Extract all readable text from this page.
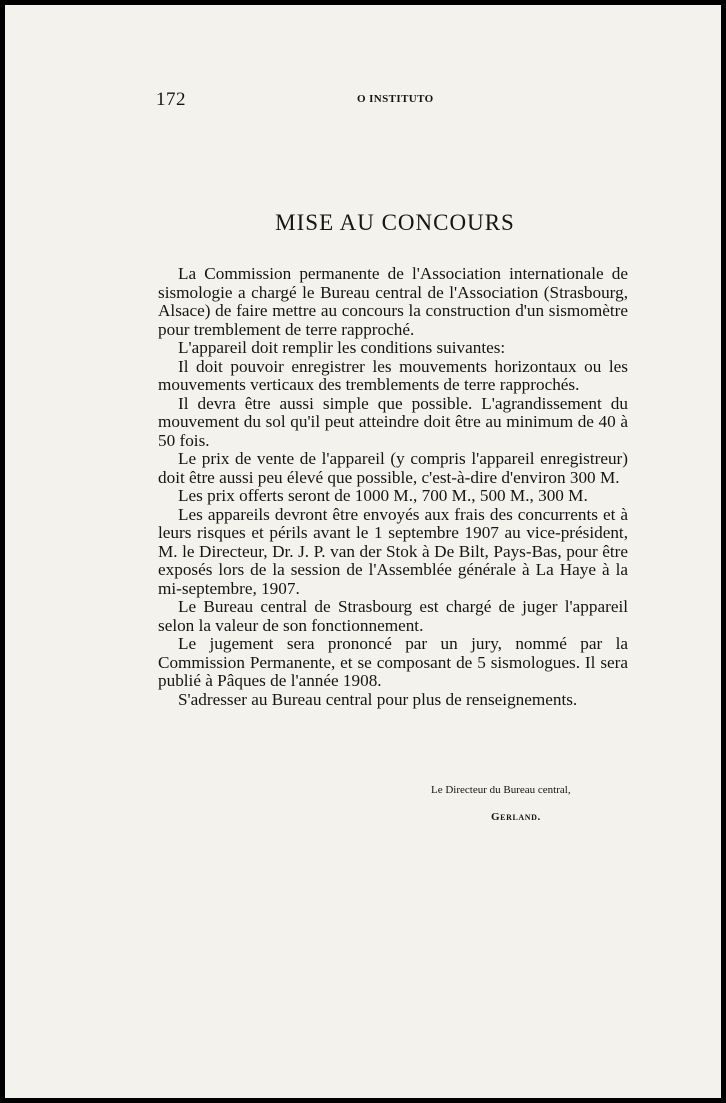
172	O INSTITUTO
MISE AU CONCOURS

La Commission permanente de l'Association internationale de sismologie a chargé le Bureau central de l'Association (Strasbourg, Alsace) de faire mettre au concours la construction d'un sismomètre pour tremblement de terre rapproché.

L'appareil doit remplir les conditions suivantes:

Il doit pouvoir enregistrer les mouvements horizontaux ou les mouvements verticaux des tremblements de terre rapprochés.

Il devra être aussi simple que possible. L'agrandissement du mouvement du sol qu'il peut atteindre doit être au minimum de 40 à 50 fois.

Le prix de vente de l'appareil (y compris l'appareil enregistreur) doit être aussi peu élevé que possible, c'est-à-dire d'environ 300 M.

Les prix offerts seront de 1000 M., 700 M., 500 M., 300 M.

Les appareils devront être envoyés aux frais des concurrents et à leurs risques et périls avant le 1 septembre 1907 au vice-président, M. le Directeur, Dr. J. P. van der Stok à De Bilt, Pays-Bas, pour être exposés lors de la session de l'Assemblée générale à La Haye à la mi-septembre, 1907.

Le Bureau central de Strasbourg est chargé de juger l'appareil selon la valeur de son fonctionnement.

Le jugement sera prononcé par un jury, nommé par la Commission Permanente, et se composant de 5 sismologues. Il sera publié à Pâques de l'année 1908.

S'adresser au Bureau central pour plus de renseignements.

Le Directeur du Bureau central,
Gerland.
